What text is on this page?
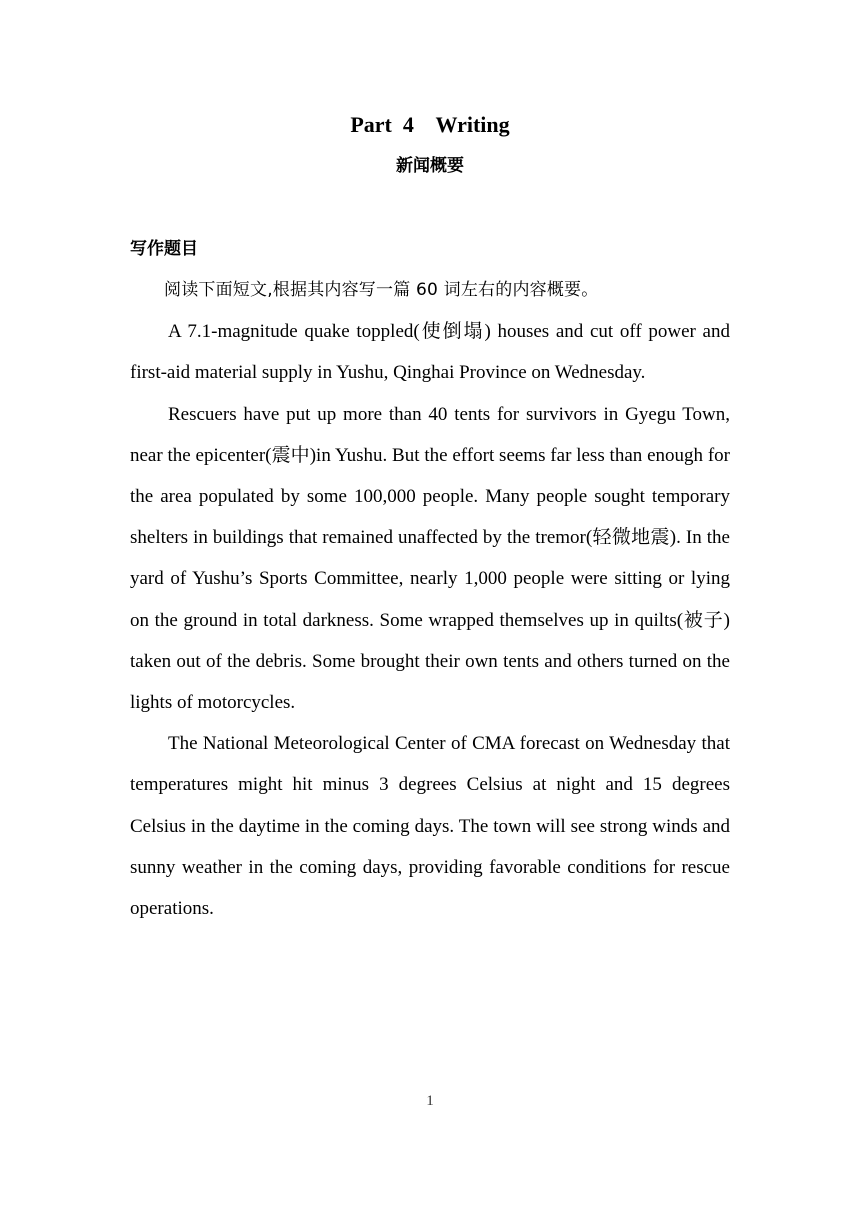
Part  4    Writing
新闻概要
写作题目

阅读下面短文,根据其内容写一篇 60 词左右的内容概要。

A 7.1-magnitude quake toppled(使倒塌) houses and cut off power and first-aid material supply in Yushu, Qinghai Province on Wednesday.

Rescuers have put up more than 40 tents for survivors in Gyegu Town, near the epicenter(震中)in Yushu. But the effort seems far less than enough for the area populated by some 100,000 people. Many people sought temporary shelters in buildings that remained unaffected by the tremor(轻微地震). In the yard of Yushu’s Sports Committee, nearly 1,000 people were sitting or lying on the ground in total darkness. Some wrapped themselves up in quilts(被子) taken out of the debris. Some brought their own tents and others turned on the lights of motorcycles.

The National Meteorological Center of CMA forecast on Wednesday that temperatures might hit minus 3 degrees Celsius at night and 15 degrees Celsius in the daytime in the coming days. The town will see strong winds and sunny weather in the coming days, providing favorable conditions for rescue operations.

1
